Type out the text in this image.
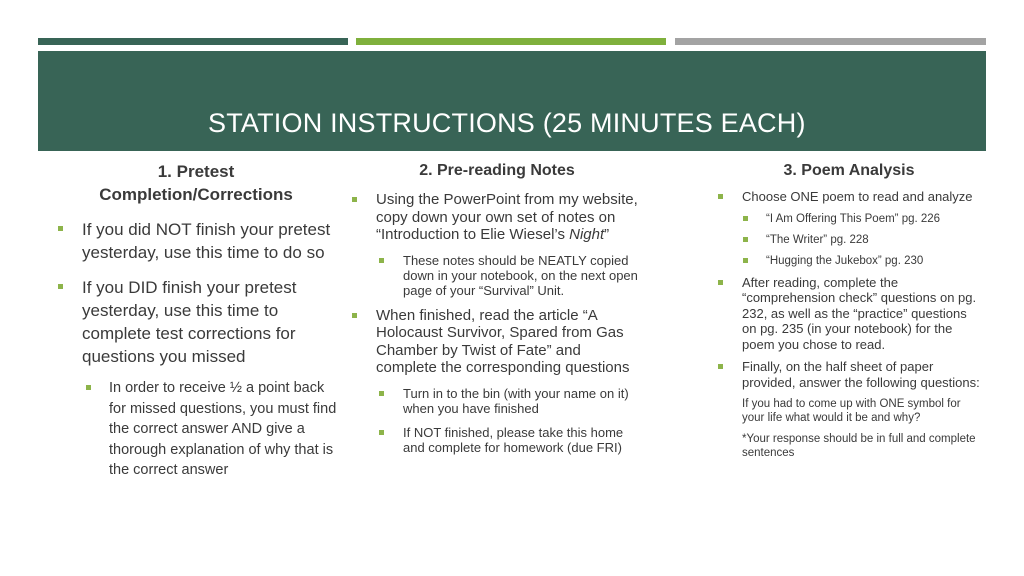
STATION INSTRUCTIONS (25 MINUTES EACH)
1. Pretest
Completion/Corrections
If you did NOT finish your pretest yesterday, use this time to do so
If you DID finish your pretest yesterday, use this time to complete test corrections for questions you missed
In order to receive ½ a point back for missed questions, you must find the correct answer AND give a thorough explanation of why that is the correct answer
2. Pre-reading Notes
Using the PowerPoint from my website, copy down your own set of notes on “Introduction to Elie Wiesel’s Night”
These notes should be NEATLY copied down in your notebook, on the next open page of your “Survival” Unit.
When finished, read the article “A Holocaust Survivor, Spared from Gas Chamber by Twist of Fate” and complete the corresponding questions
Turn in to the bin (with your name on it) when you have finished
If NOT finished, please take this home and complete for homework (due FRI)
3. Poem Analysis
Choose ONE poem to read and analyze
“I Am Offering This Poem” pg. 226
“The Writer” pg. 228
“Hugging the Jukebox” pg. 230
After reading, complete the “comprehension check” questions on pg. 232, as well as the “practice” questions on pg. 235 (in your notebook) for the poem you chose to read.
Finally, on the half sheet of paper provided, answer the following questions:
If you had to come up with ONE symbol for your life what would it be and why?
*Your response should be in full and complete sentences
